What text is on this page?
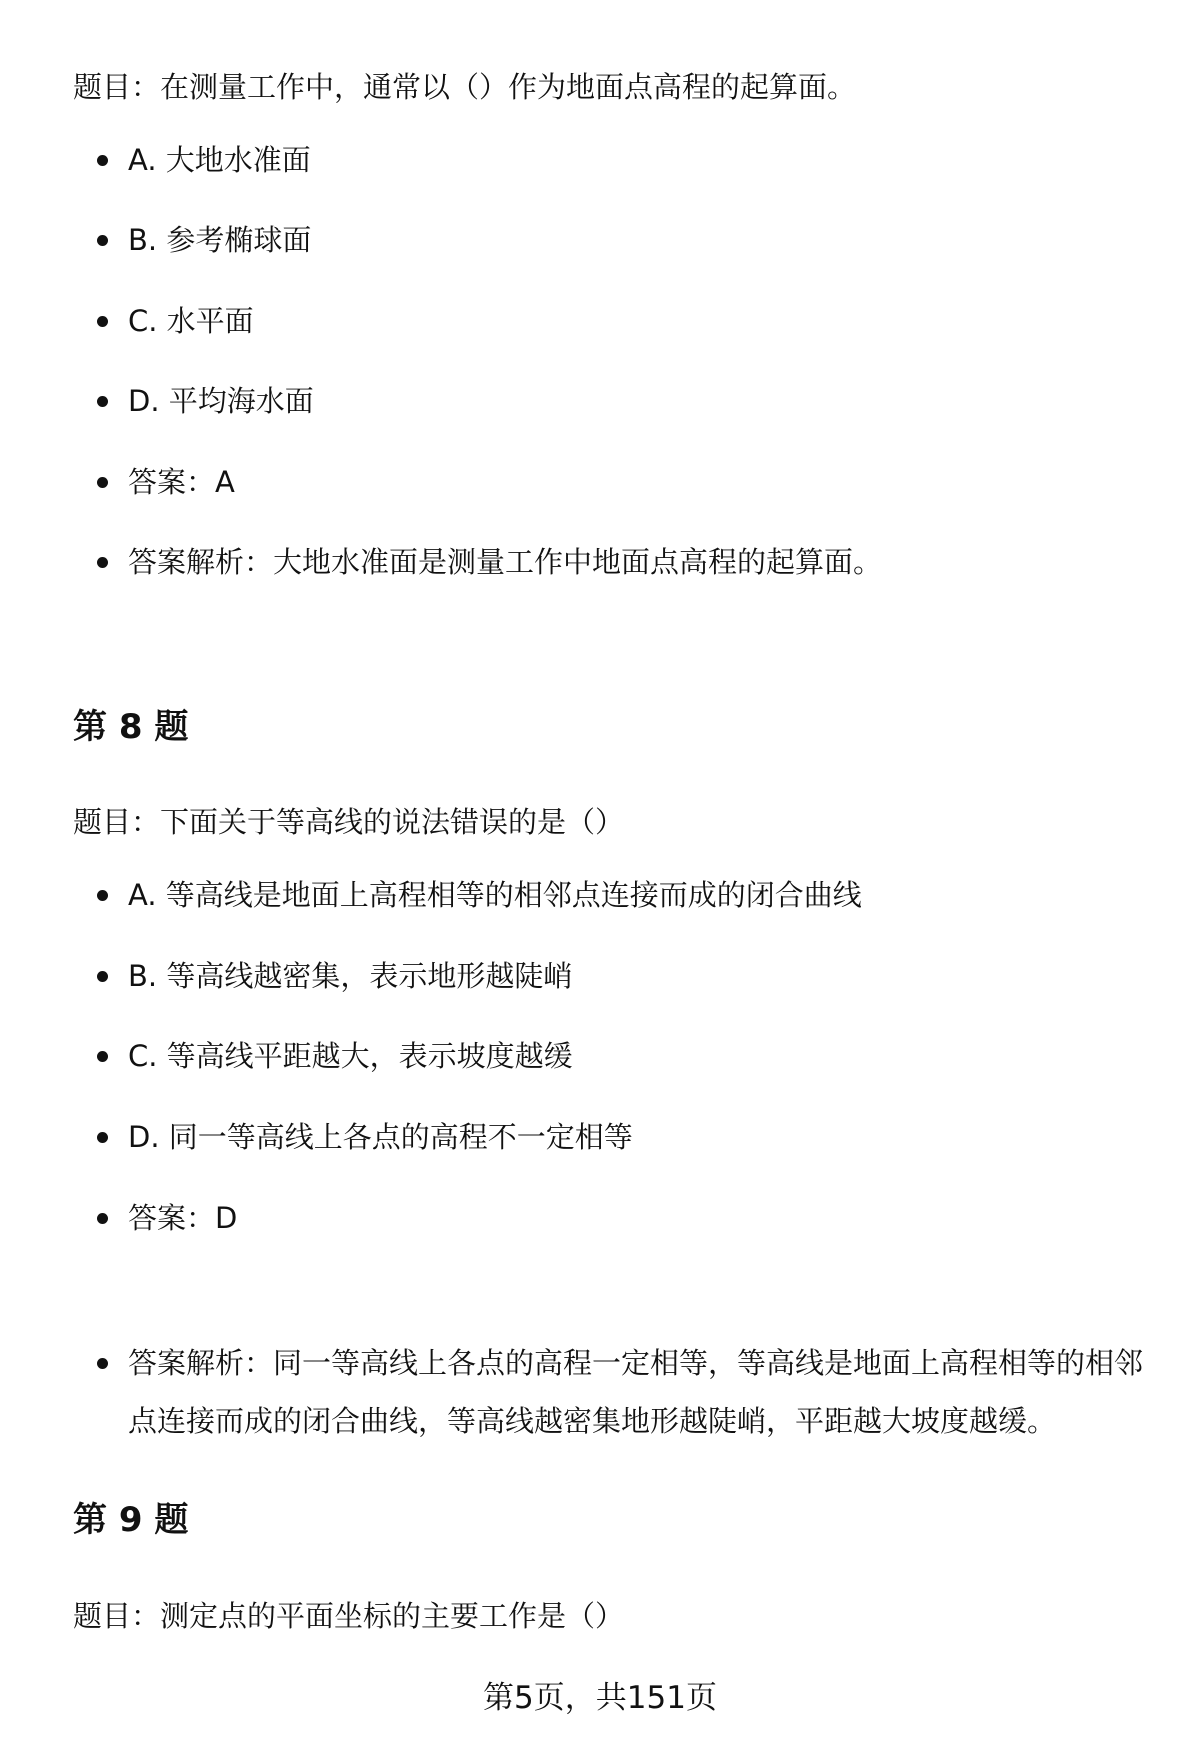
题目：在测量工作中，通常以（）作为地面点高程的起算面。
A. 大地水准面
B. 参考椭球面
C. 水平面
D. 平均海水面
答案：A
答案解析：大地水准面是测量工作中地面点高程的起算面。
第 8 题
题目：下面关于等高线的说法错误的是（）
A. 等高线是地面上高程相等的相邻点连接而成的闭合曲线
B. 等高线越密集，表示地形越陡峭
C. 等高线平距越大，表示坡度越缓
D. 同一等高线上各点的高程不一定相等
答案：D
答案解析：同一等高线上各点的高程一定相等，等高线是地面上高程相等的相邻点连接而成的闭合曲线，等高线越密集地形越陡峭，平距越大坡度越缓。
第 9 题
题目：测定点的平面坐标的主要工作是（）
第5页，共151页
